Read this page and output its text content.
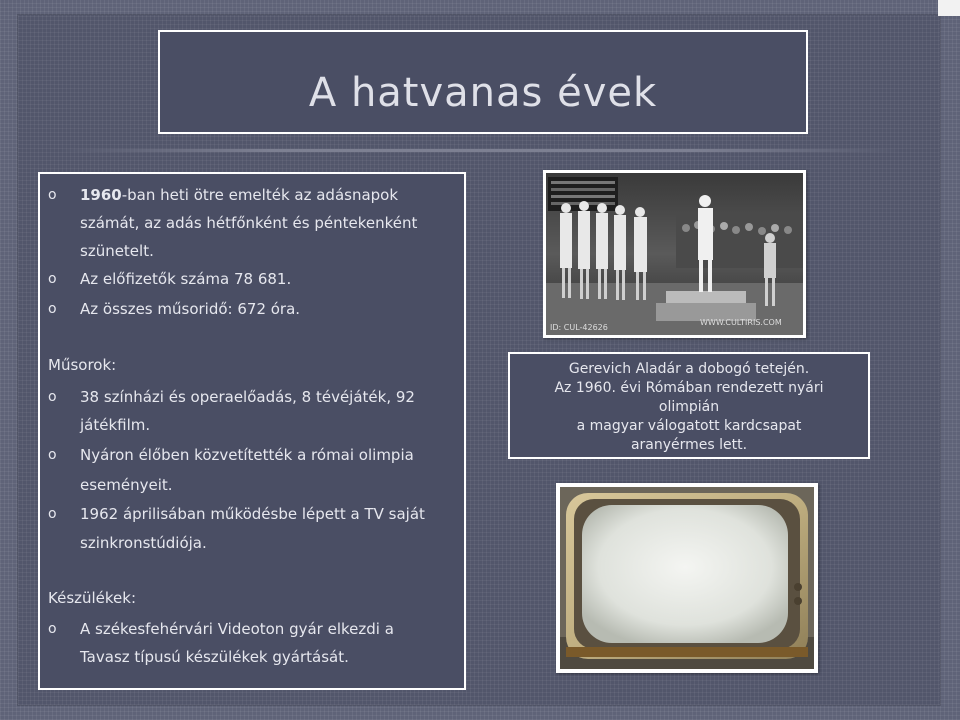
A hatvanas évek
o 1960-ban heti ötre emelték az adásnapok
számát, az adás hétfőnként és péntekenként
szünetelt.
o Az előfizetők száma 78 681.
o Az összes műsoridő: 672 óra.
Műsorok:
o 38 színházi és operaelőadás, 8 tévéjáték, 92
játékfilm.
o Nyáron élőben közvetítették a római olimpia
eseményeit.
o 1962 áprilisában működésbe lépett a TV saját
szinkronstúdiója.
Készülékek:
o A székesfehérvári Videoton gyár elkezdi a
Tavasz típusú készülékek gyártását.
ID: CUL-42626
WWW.CULTIRIS.COM
Gerevich Aladár a dobogó tetején.
Az 1960. évi Rómában rendezett nyári
olimpián
a magyar válogatott kardcsapat
aranyérmes lett.
